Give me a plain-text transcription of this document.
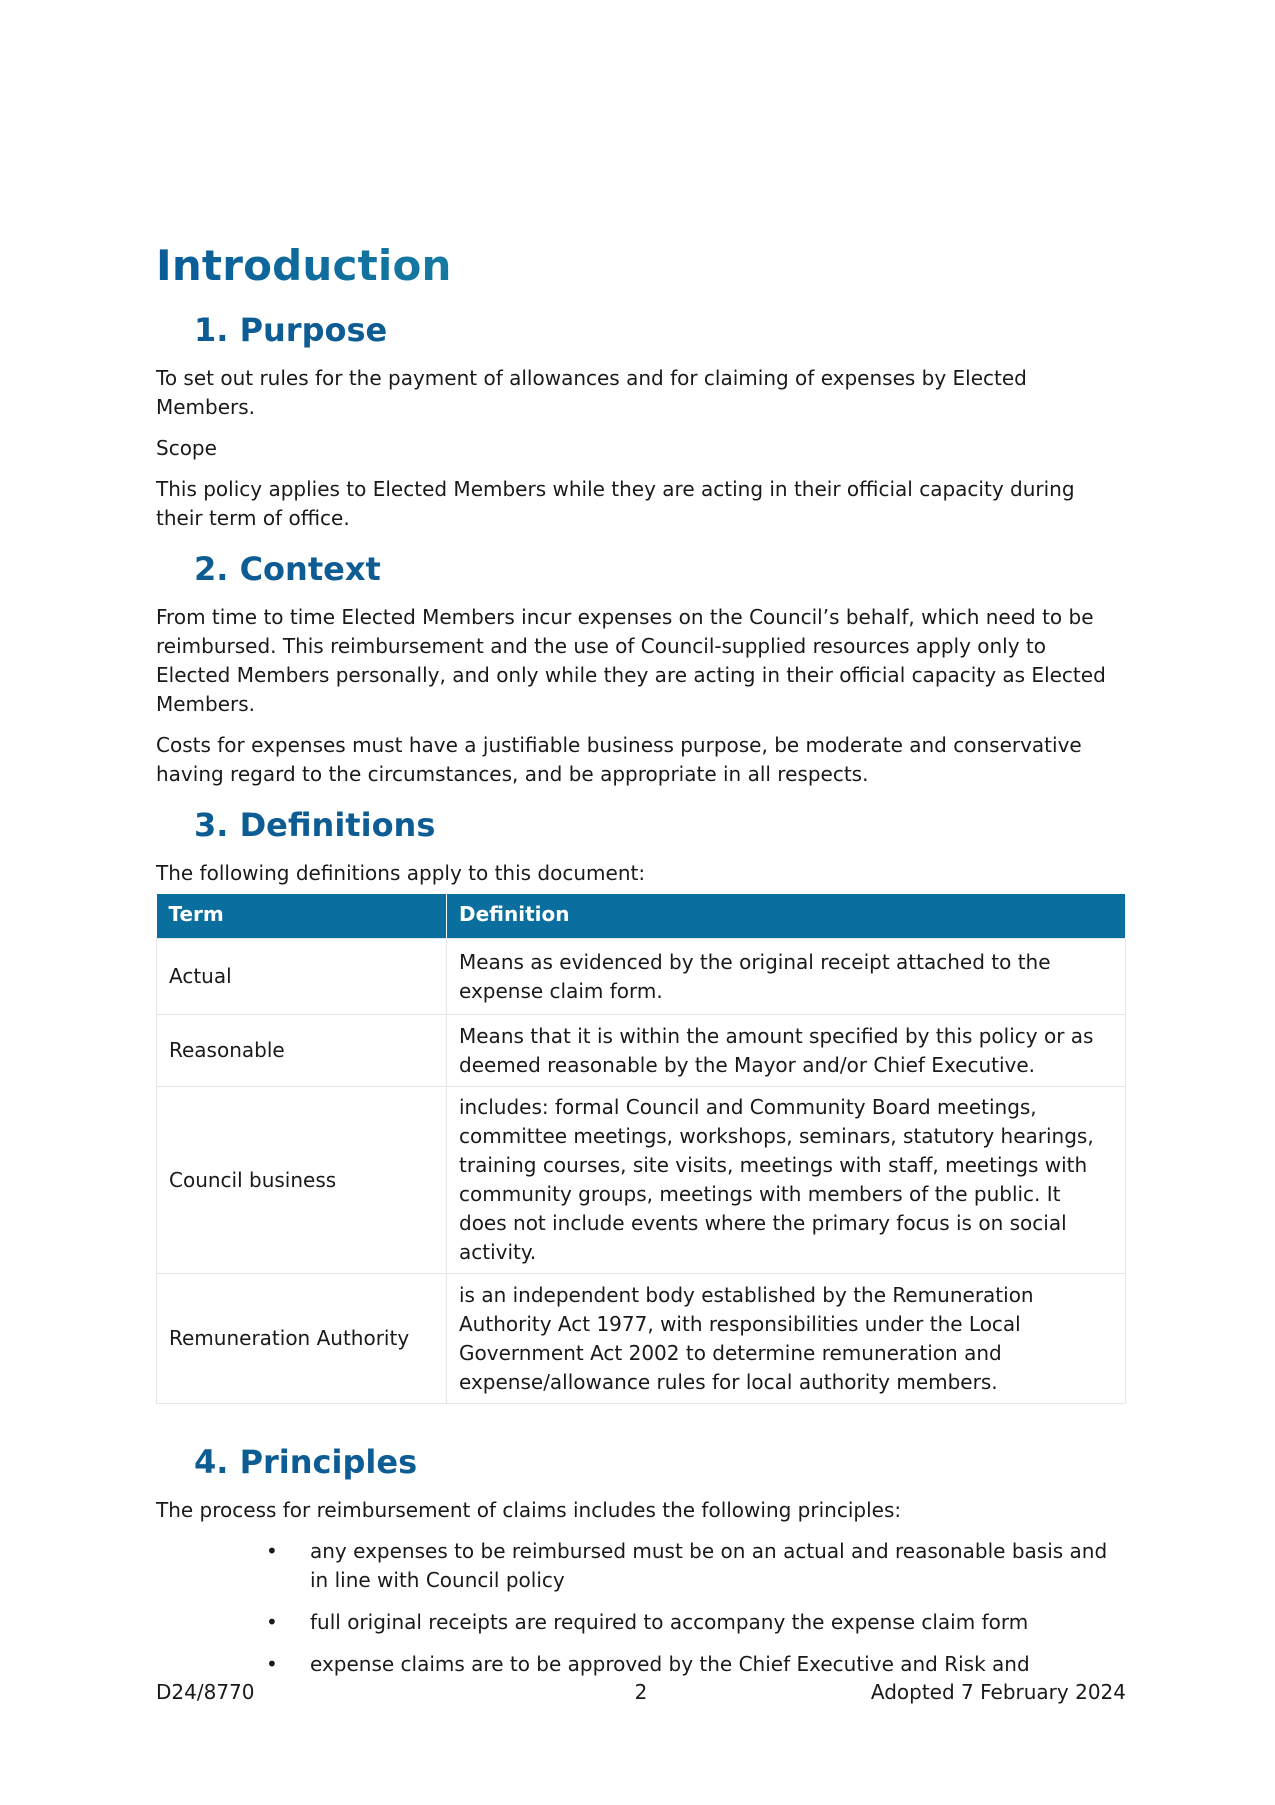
Introduction
1. Purpose

To set out rules for the payment of allowances and for claiming of expenses by Elected Members.

Scope

This policy applies to Elected Members while they are acting in their official capacity during their term of office.

2. Context

From time to time Elected Members incur expenses on the Council’s behalf, which need to be reimbursed. This reimbursement and the use of Council-supplied resources apply only to Elected Members personally, and only while they are acting in their official capacity as Elected Members.

Costs for expenses must have a justifiable business purpose, be moderate and conservative having regard to the circumstances, and be appropriate in all respects.

3. Definitions

The following definitions apply to this document:

Term	Definition
Actual	Means as evidenced by the original receipt attached to the expense claim form.
Reasonable	Means that it is within the amount specified by this policy or as deemed reasonable by the Mayor and/or Chief Executive.
Council business	includes: formal Council and Community Board meetings, committee meetings, workshops, seminars, statutory hearings, training courses, site visits, meetings with staff, meetings with community groups, meetings with members of the public. It does not include events where the primary focus is on social activity.
Remuneration Authority	is an independent body established by the Remuneration Authority Act 1977, with responsibilities under the Local Government Act 2002 to determine remuneration and expense/allowance rules for local authority members.
4. Principles

The process for reimbursement of claims includes the following principles:

• any expenses to be reimbursed must be on an actual and reasonable basis and in line with Council policy
• full original receipts are required to accompany the expense claim form
• expense claims are to be approved by the Chief Executive and Risk and
D24/8770	2	Adopted 7 February 2024
